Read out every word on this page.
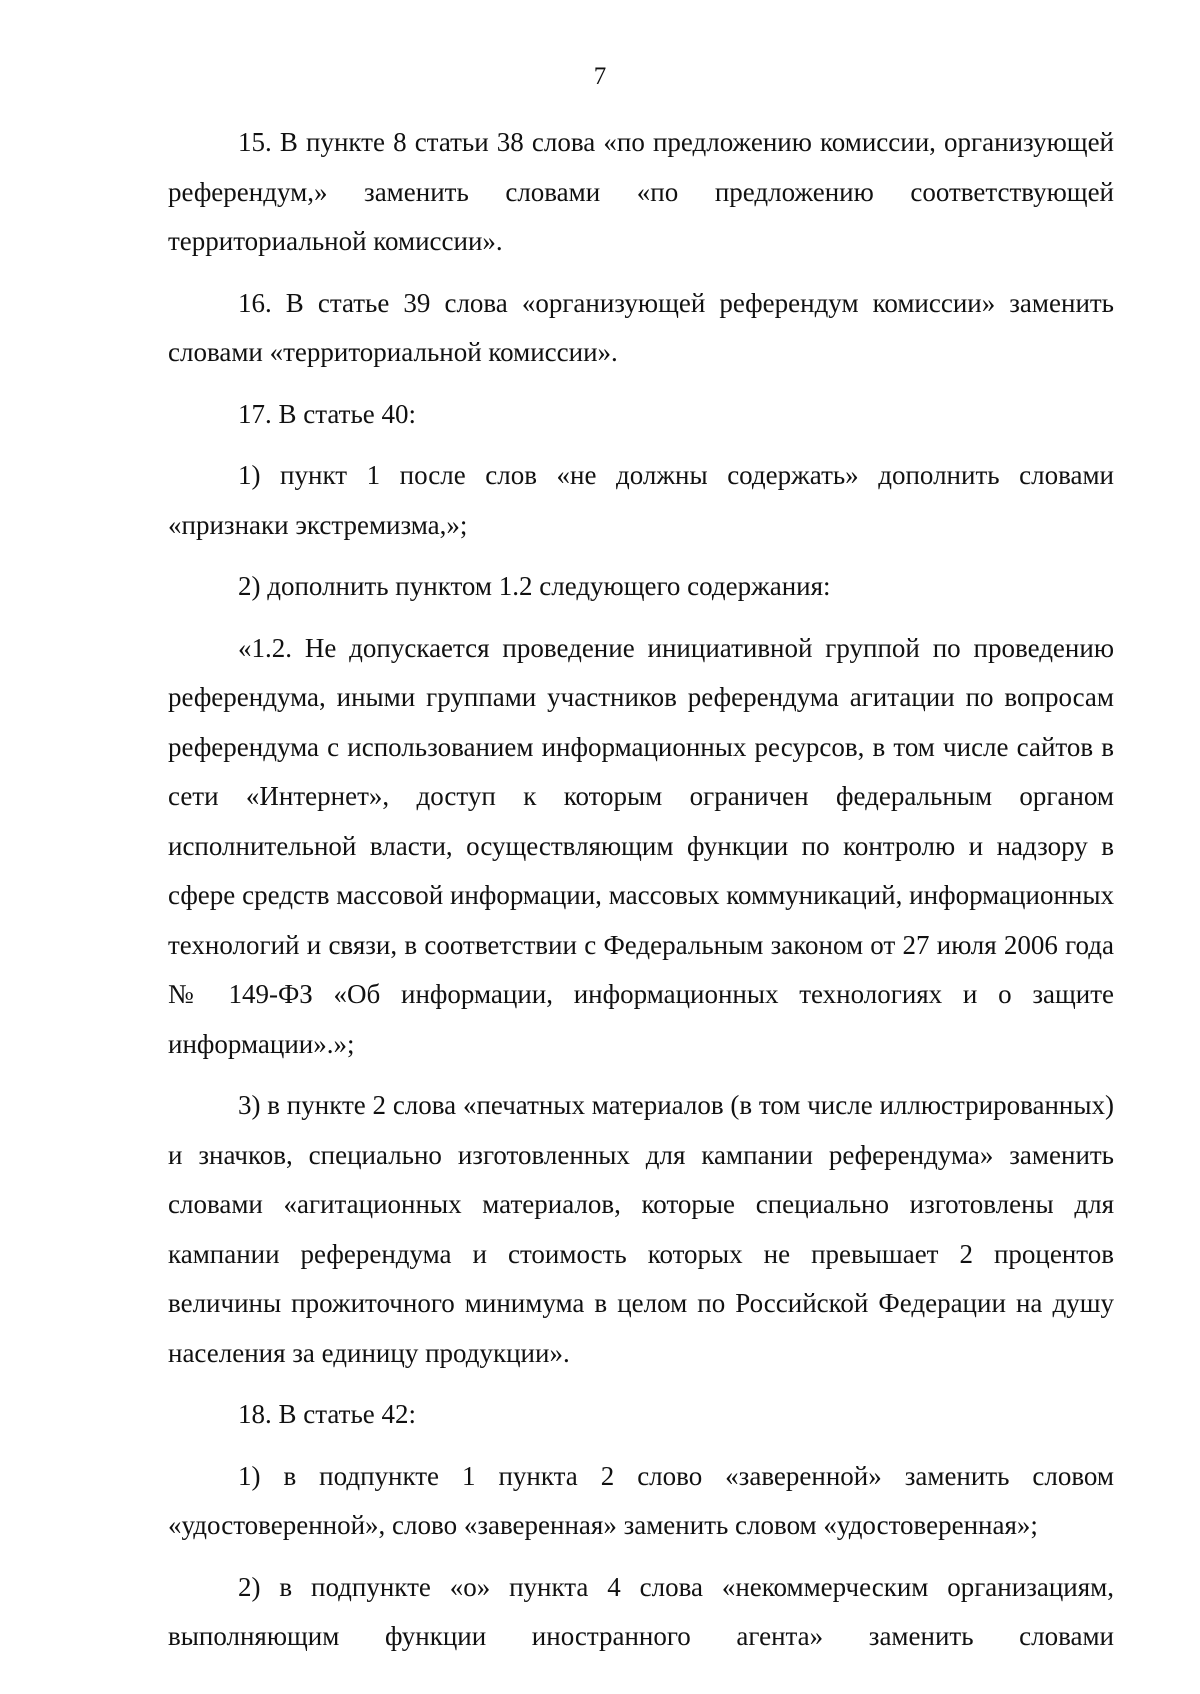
7

15. В пункте 8 статьи 38 слова «по предложению комиссии, организующей референдум,» заменить словами «по предложению соответствующей территориальной комиссии».

16. В статье 39 слова «организующей референдум комиссии» заменить словами «территориальной комиссии».

17. В статье 40:

1) пункт 1 после слов «не должны содержать» дополнить словами «признаки экстремизма,»;

2) дополнить пунктом 1.2 следующего содержания:

«1.2. Не допускается проведение инициативной группой по проведению референдума, иными группами участников референдума агитации по вопросам референдума с использованием информационных ресурсов, в том числе сайтов в сети «Интернет», доступ к которым ограничен федеральным органом исполнительной власти, осуществляющим функции по контролю и надзору в сфере средств массовой информации, массовых коммуникаций, информационных технологий и связи, в соответствии с Федеральным законом от 27 июля 2006 года № 149-ФЗ «Об информации, информационных технологиях и о защите информации».»;

3) в пункте 2 слова «печатных материалов (в том числе иллюстрированных) и значков, специально изготовленных для кампании референдума» заменить словами «агитационных материалов, которые специально изготовлены для кампании референдума и стоимость которых не превышает 2 процентов величины прожиточного минимума в целом по Российской Федерации на душу населения за единицу продукции».

18. В статье 42:

1) в подпункте 1 пункта 2 слово «заверенной» заменить словом «удостоверенной», слово «заверенная» заменить словом «удостоверенная»;

2) в подпункте «о» пункта 4 слова «некоммерческим организациям, выполняющим функции иностранного агента» заменить словами
